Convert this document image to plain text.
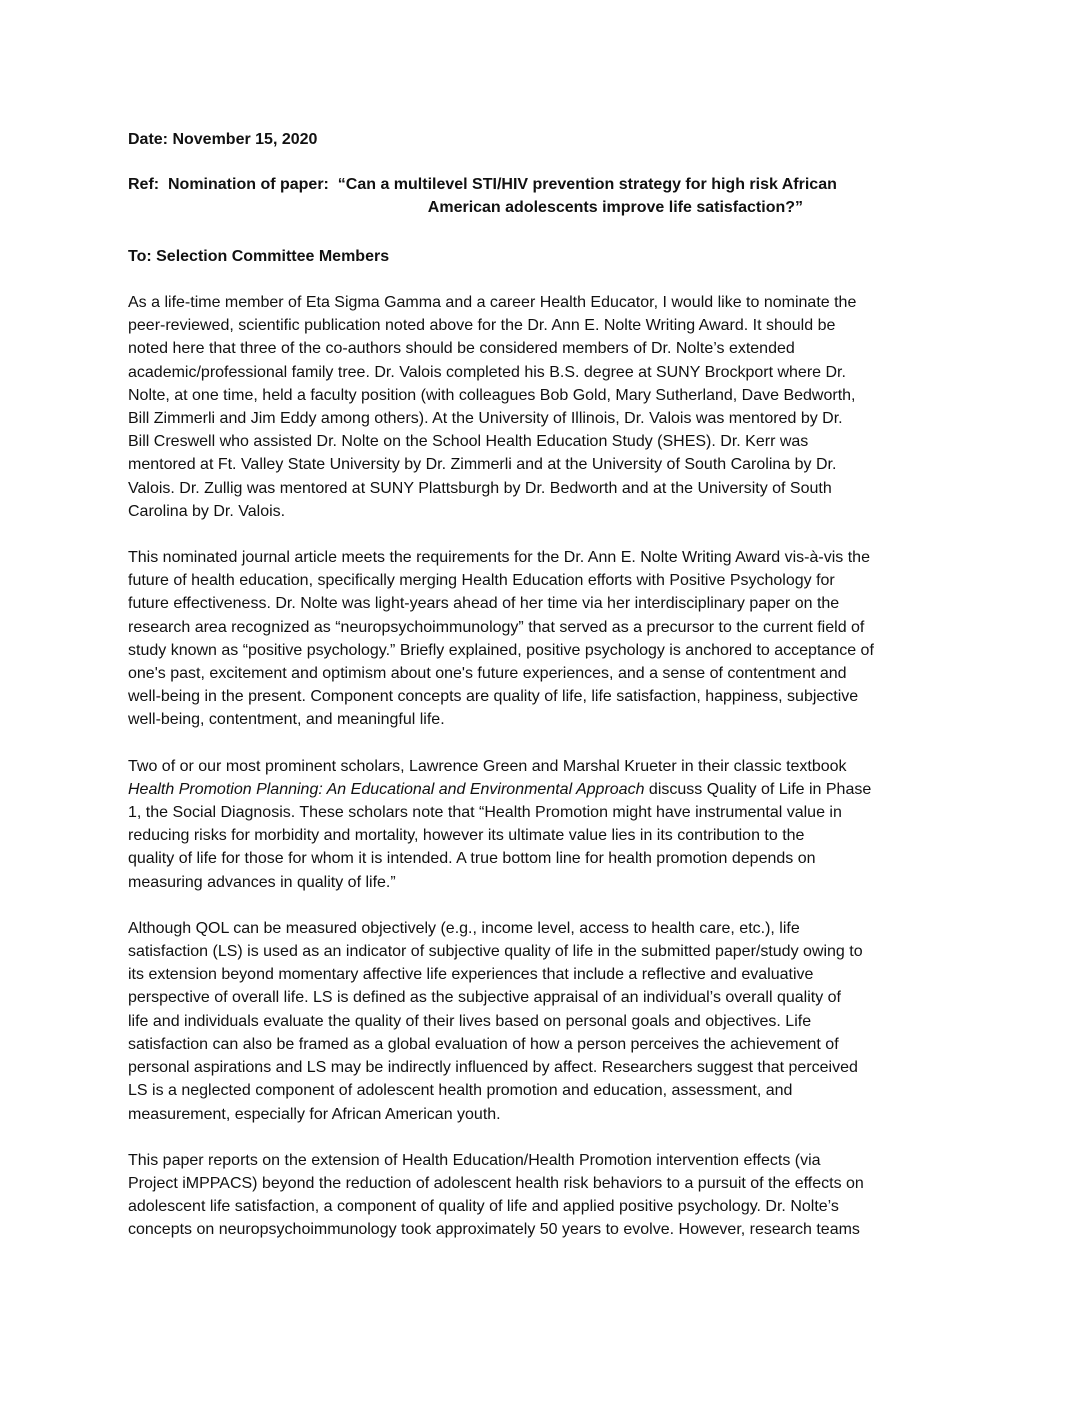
Date: November 15, 2020

Ref:  Nomination of paper: “Can a multilevel STI/HIV prevention strategy for high risk African
American adolescents improve life satisfaction?”

To: Selection Committee Members

As a life-time member of Eta Sigma Gamma and a career Health Educator, I would like to nominate the
peer-reviewed, scientific publication noted above for the Dr. Ann E. Nolte Writing Award. It should be
noted here that three of the co-authors should be considered members of Dr. Nolte’s extended
academic/professional family tree. Dr. Valois completed his B.S. degree at SUNY Brockport where Dr.
Nolte, at one time, held a faculty position (with colleagues Bob Gold, Mary Sutherland, Dave Bedworth,
Bill Zimmerli and Jim Eddy among others). At the University of Illinois, Dr. Valois was mentored by Dr.
Bill Creswell who assisted Dr. Nolte on the School Health Education Study (SHES). Dr. Kerr was
mentored at Ft. Valley State University by Dr. Zimmerli and at the University of South Carolina by Dr.
Valois. Dr. Zullig was mentored at SUNY Plattsburgh by Dr. Bedworth and at the University of South
Carolina by Dr. Valois.
This nominated journal article meets the requirements for the Dr. Ann E. Nolte Writing Award vis-à-vis the
future of health education, specifically merging Health Education efforts with Positive Psychology for
future effectiveness. Dr. Nolte was light-years ahead of her time via her interdisciplinary paper on the
research area recognized as “neuropsychoimmunology” that served as a precursor to the current field of
study known as “positive psychology.” Briefly explained, positive psychology is anchored to acceptance of
one's past, excitement and optimism about one's future experiences, and a sense of contentment and
well-being in the present. Component concepts are quality of life, life satisfaction, happiness, subjective
well-being, contentment, and meaningful life.
Two of or our most prominent scholars, Lawrence Green and Marshal Krueter in their classic textbook
Health Promotion Planning: An Educational and Environmental Approach discuss Quality of Life in Phase
1, the Social Diagnosis. These scholars note that “Health Promotion might have instrumental value in
reducing risks for morbidity and mortality, however its ultimate value lies in its contribution to the
quality of life for those for whom it is intended. A true bottom line for health promotion depends on
measuring advances in quality of life.”
Although QOL can be measured objectively (e.g., income level, access to health care, etc.), life
satisfaction (LS) is used as an indicator of subjective quality of life in the submitted paper/study owing to
its extension beyond momentary affective life experiences that include a reflective and evaluative
perspective of overall life. LS is defined as the subjective appraisal of an individual’s overall quality of
life and individuals evaluate the quality of their lives based on personal goals and objectives. Life
satisfaction can also be framed as a global evaluation of how a person perceives the achievement of
personal aspirations and LS may be indirectly influenced by affect. Researchers suggest that perceived
LS is a neglected component of adolescent health promotion and education, assessment, and
measurement, especially for African American youth.
This paper reports on the extension of Health Education/Health Promotion intervention effects (via
Project iMPPACS) beyond the reduction of adolescent health risk behaviors to a pursuit of the effects on
adolescent life satisfaction, a component of quality of life and applied positive psychology. Dr. Nolte’s
concepts on neuropsychoimmunology took approximately 50 years to evolve. However, research teams
